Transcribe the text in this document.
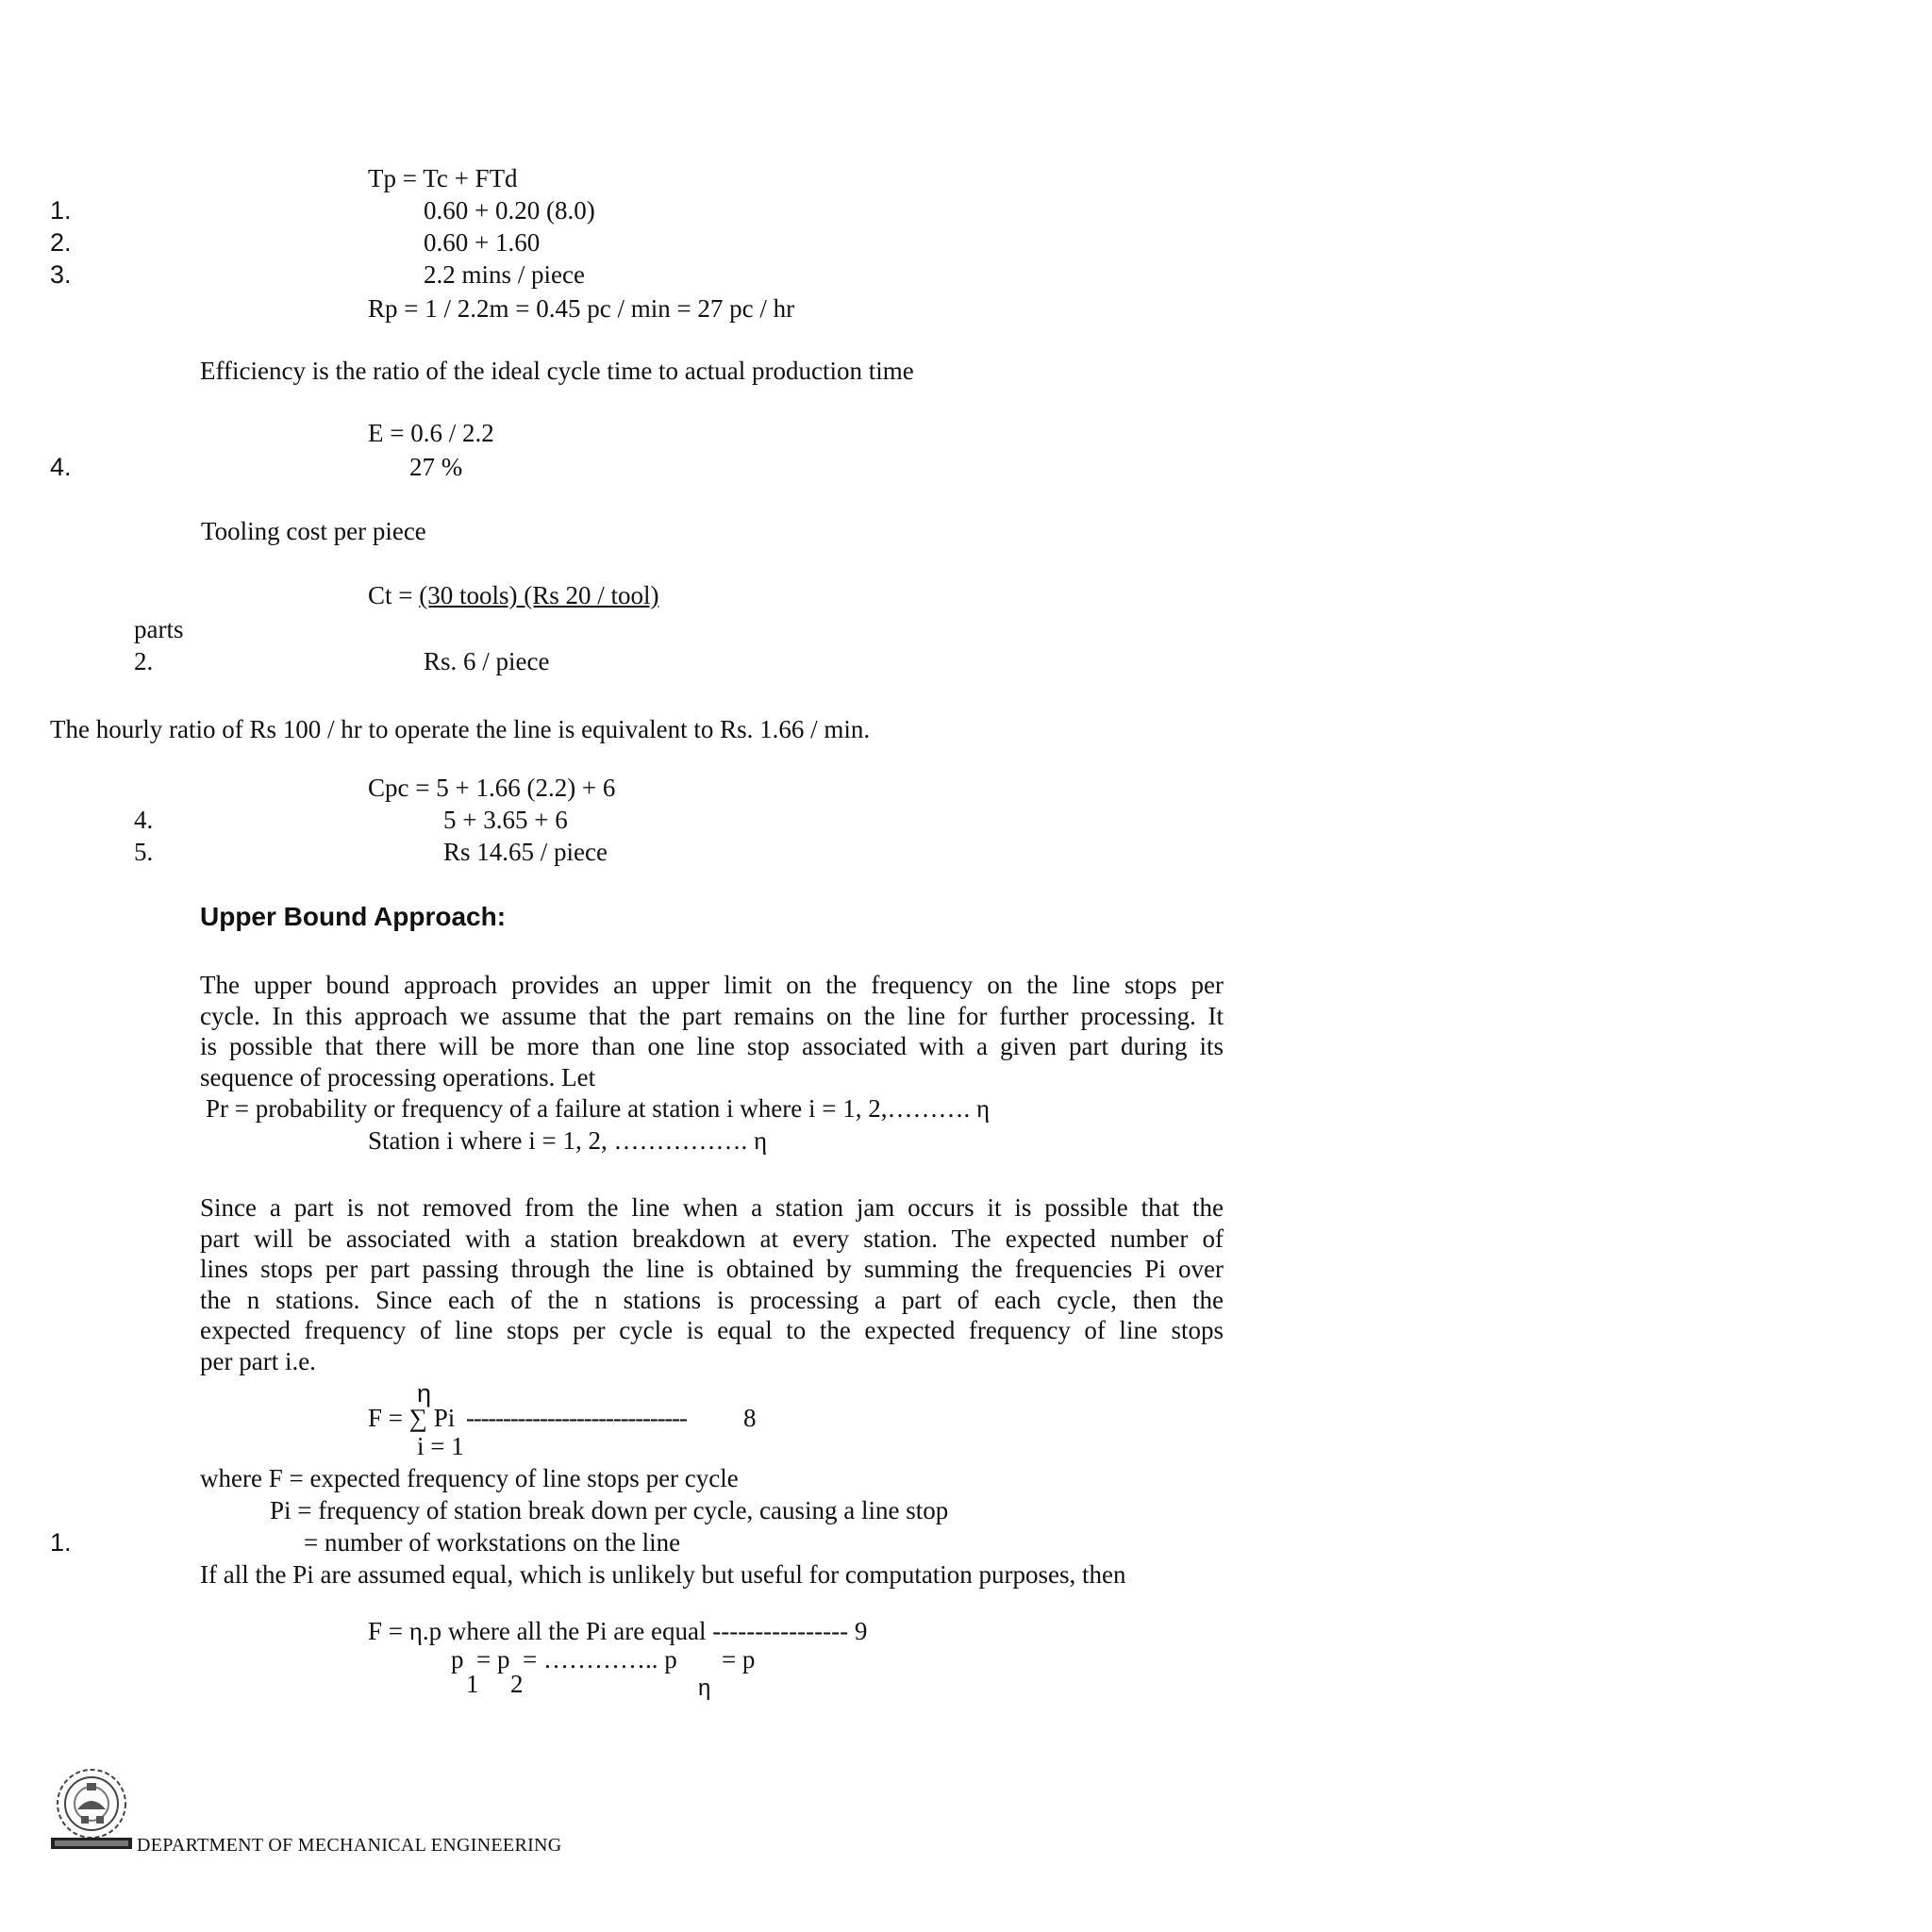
Tp = Tc + FTd
1.	0.60 + 0.20 (8.0)
2.	0.60 + 1.60
3.	2.2 mins / piece
Rp = 1 / 2.2m = 0.45 pc / min = 27 pc / hr
Efficiency is the ratio of the ideal cycle time to actual production time
E = 0.6 / 2.2
4.	27 %
Tooling cost per piece
Ct = (30 tools) (Rs 20 / tool)
parts
2.	Rs. 6 / piece
The hourly ratio of Rs 100 / hr to operate the line is equivalent to Rs. 1.66 / min.
Cpc = 5 + 1.66 (2.2) + 6
4.	5 + 3.65 + 6
5.	Rs 14.65 / piece
Upper Bound Approach:
The upper bound approach provides an upper limit on the frequency on the line stops per
cycle. In this approach we assume that the part remains on the line for further processing. It
is possible that there will be more than one line stop associated with a given part during its
sequence of processing operations. Let
Pr = probability or frequency of a failure at station i where i = 1, 2,………. η
Station i where i = 1, 2, ……………. η
Since a part is not removed from the line when a station jam occurs it is possible that the
part will be associated with a station breakdown at every station. The expected number of
lines stops per part passing through the line is obtained by summing the frequencies Pi over
the n stations. Since each of the n stations is processing a part of each cycle, then the
expected frequency of line stops per cycle is equal to the expected frequency of line stops
per part i.e.
η
F = ∑ Pi ------------------------------ 8
i = 1
where F = expected frequency of line stops per cycle
Pi = frequency of station break down per cycle, causing a line stop
1.	= number of workstations on the line
If all the Pi are assumed equal, which is unlikely but useful for computation purposes, then
F = η.p where all the Pi are equal ---------------- 9
p  = p  = ………….. p       = p
1 2	η
DEPARTMENT OF MECHANICAL ENGINEERING
